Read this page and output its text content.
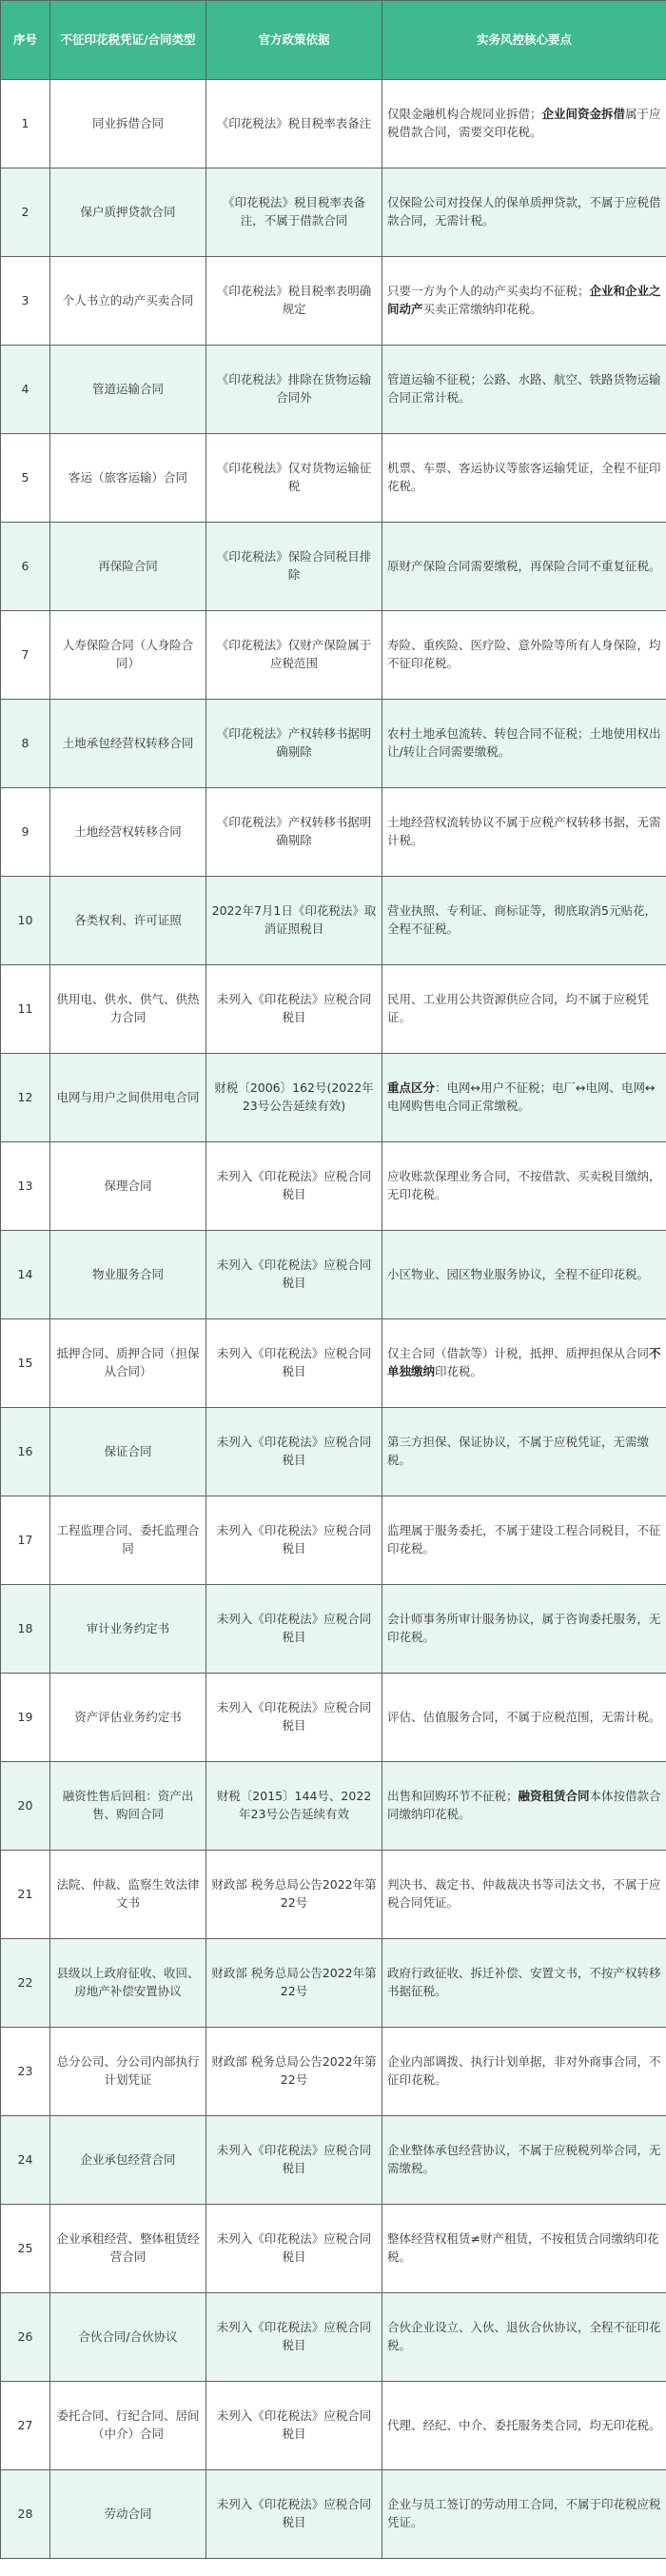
序号	不征印花税凭证/合同类型	官方政策依据	实务风控核心要点
1	同业拆借合同	《印花税法》税目税率表备注	仅限金融机构合规同业拆借；企业间资金拆借属于应税借款合同，需要交印花税。
2	保户质押贷款合同	《印花税法》税目税率表备注，不属于借款合同	仅保险公司对投保人的保单质押贷款，不属于应税借款合同，无需计税。
3	个人书立的动产买卖合同	《印花税法》税目税率表明确规定	只要一方为个人的动产买卖均不征税；企业和企业之间动产买卖正常缴纳印花税。
4	管道运输合同	《印花税法》排除在货物运输合同外	管道运输不征税；公路、水路、航空、铁路货物运输合同正常计税。
5	客运（旅客运输）合同	《印花税法》仅对货物运输征税	机票、车票、客运协议等旅客运输凭证，全程不征印花税。
6	再保险合同	《印花税法》保险合同税目排除	原财产保险合同需要缴税，再保险合同不重复征税。
7	人寿保险合同（人身险合同）	《印花税法》仅财产保险属于应税范围	寿险、重疾险、医疗险、意外险等所有人身保险，均不征印花税。
8	土地承包经营权转移合同	《印花税法》产权转移书据明确剔除	农村土地承包流转、转包合同不征税；土地使用权出让/转让合同需要缴税。
9	土地经营权转移合同	《印花税法》产权转移书据明确剔除	土地经营权流转协议不属于应税产权转移书据，无需计税。
10	各类权利、许可证照	2022年7月1日《印花税法》取消证照税目	营业执照、专利证、商标证等，彻底取消5元贴花，全程不征税。
11	供用电、供水、供气、供热力合同	未列入《印花税法》应税合同税目	民用、工业用公共资源供应合同，均不属于应税凭证。
12	电网与用户之间供用电合同	财税〔2006〕162号(2022年23号公告延续有效)	重点区分：电网↔用户不征税；电厂↔电网、电网↔电网购售电合同正常缴税。
13	保理合同	未列入《印花税法》应税合同税目	应收账款保理业务合同，不按借款、买卖税目缴纳，无印花税。
14	物业服务合同	未列入《印花税法》应税合同税目	小区物业、园区物业服务协议，全程不征印花税。
15	抵押合同、质押合同（担保从合同）	未列入《印花税法》应税合同税目	仅主合同（借款等）计税，抵押、质押担保从合同不单独缴纳印花税。
16	保证合同	未列入《印花税法》应税合同税目	第三方担保、保证协议，不属于应税凭证，无需缴税。
17	工程监理合同、委托监理合同	未列入《印花税法》应税合同税目	监理属于服务委托，不属于建设工程合同税目，不征印花税。
18	审计业务约定书	未列入《印花税法》应税合同税目	会计师事务所审计服务协议，属于咨询委托服务，无印花税。
19	资产评估业务约定书	未列入《印花税法》应税合同税目	评估、估值服务合同，不属于应税范围，无需计税。
20	融资性售后回租：资产出售、购回合同	财税〔2015〕144号、2022年23号公告延续有效	出售和回购环节不征税；融资租赁合同本体按借款合同缴纳印花税。
21	法院、仲裁、监察生效法律文书	财政部 税务总局公告2022年第22号	判决书、裁定书、仲裁裁决书等司法文书，不属于应税合同凭证。
22	县级以上政府征收、收回、房地产补偿安置协议	财政部 税务总局公告2022年第22号	政府行政征收、拆迁补偿、安置文书，不按产权转移书据征税。
23	总分公司、分公司内部执行计划凭证	财政部 税务总局公告2022年第22号	企业内部调拨、执行计划单据，非对外商事合同，不征印花税。
24	企业承包经营合同	未列入《印花税法》应税合同税目	企业整体承包经营协议，不属于应税税列举合同，无需缴税。
25	企业承租经营、整体租赁经营合同	未列入《印花税法》应税合同税目	整体经营权租赁≠财产租赁，不按租赁合同缴纳印花税。
26	合伙合同/合伙协议	未列入《印花税法》应税合同税目	合伙企业设立、入伙、退伙合伙协议，全程不征印花税。
27	委托合同、行纪合同、居间（中介）合同	未列入《印花税法》应税合同税目	代理、经纪、中介、委托服务类合同，均无印花税。
28	劳动合同	未列入《印花税法》应税合同税目	企业与员工签订的劳动用工合同，不属于印花税应税凭证。
